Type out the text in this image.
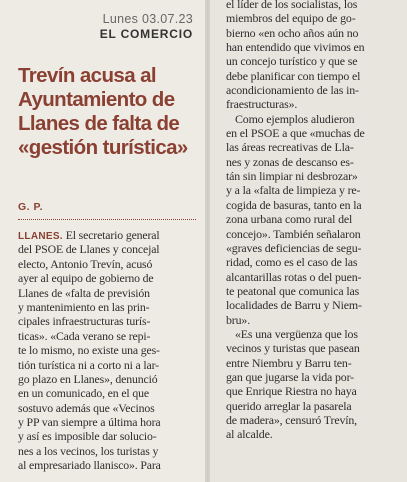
Lunes 03.07.23
EL COMERCIO
Trevín acusa al
Ayuntamiento de
Llanes de falta de
«gestión turística»
G. P.
LLANES. El secretario general
del PSOE de Llanes y concejal
electo, Antonio Trevín, acusó
ayer al equipo de gobierno de
Llanes de «falta de previsión
y mantenimiento en las prin-
cipales infraestructuras turís-
ticas». «Cada verano se repi-
te lo mismo, no existe una ges-
tión turística ni a corto ni a lar-
go plazo en Llanes», denunció
en un comunicado, en el que
sostuvo además que «Vecinos
y PP van siempre a última hora
y así es imposible dar solucio-
nes a los vecinos, los turistas y
al empresariado llanisco». Para
el líder de los socialistas, los
miembros del equipo de go-
bierno «en ocho años aún no
han entendido que vivimos en
un concejo turístico y que se
debe planificar con tiempo el
acondicionamiento de las in-
fraestructuras».
Como ejemplos aludieron
en el PSOE a que «muchas de
las áreas recreativas de Lla-
nes y zonas de descanso es-
tán sin limpiar ni desbrozar»
y a la «falta de limpieza y re-
cogida de basuras, tanto en la
zona urbana como rural del
concejo». También señalaron
«graves deficiencias de segu-
ridad, como es el caso de las
alcantarillas rotas o del puen-
te peatonal que comunica las
localidades de Barru y Niem-
bru».
«Es una vergüenza que los
vecinos y turistas que pasean
entre Niembru y Barru ten-
gan que jugarse la vida por-
que Enrique Riestra no haya
querido arreglar la pasarela
de madera», censuró Trevín,
al alcalde.
